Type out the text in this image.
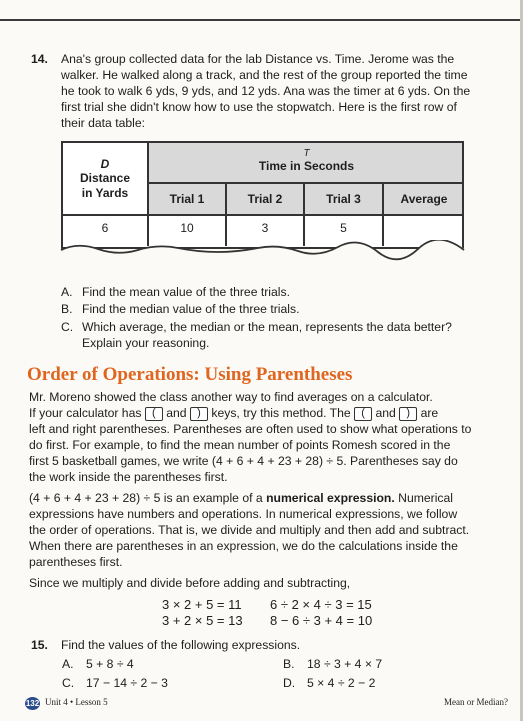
14. Ana's group collected data for the lab Distance vs. Time. Jerome was the
walker. He walked along a track, and the rest of the group reported the time
he took to walk 6 yds, 9 yds, and 12 yds. Ana was the timer at 6 yds. On the
first trial she didn't know how to use the stopwatch. Here is the first row of
their data table:
D
Distance
in Yards
T
Time in Seconds
Trial 1	Trial 2	Trial 3	Average
6	10	3	5
A. Find the mean value of the three trials.
B. Find the median value of the three trials.
C. Which average, the median or the mean, represents the data better?
Explain your reasoning.
Order of Operations: Using Parentheses
Mr. Moreno showed the class another way to find averages on a calculator.
If your calculator has ( and ) keys, try this method. The ( and ) are
left and right parentheses. Parentheses are often used to show what operations to
do first. For example, to find the mean number of points Romesh scored in the
first 5 basketball games, we write (4 + 6 + 4 + 23 + 28) ÷ 5. Parentheses say do
the work inside the parentheses first.
(4 + 6 + 4 + 23 + 28) ÷ 5 is an example of a numerical expression. Numerical
expressions have numbers and operations. In numerical expressions, we follow
the order of operations. That is, we divide and multiply and then add and subtract.
When there are parentheses in an expression, we do the calculations inside the
parentheses first.
Since we multiply and divide before adding and subtracting,
3 × 2 + 5 = 11
3 + 2 × 5 = 13
6 ÷ 2 × 4 ÷ 3 = 15
8 − 6 ÷ 3 + 4 = 10
15. Find the values of the following expressions.
A. 5 + 8 ÷ 4	B. 18 ÷ 3 + 4 × 7
C. 17 − 14 ÷ 2 − 3	D. 5 × 4 ÷ 2 − 2
132 Unit 4 • Lesson 5	Mean or Median?
